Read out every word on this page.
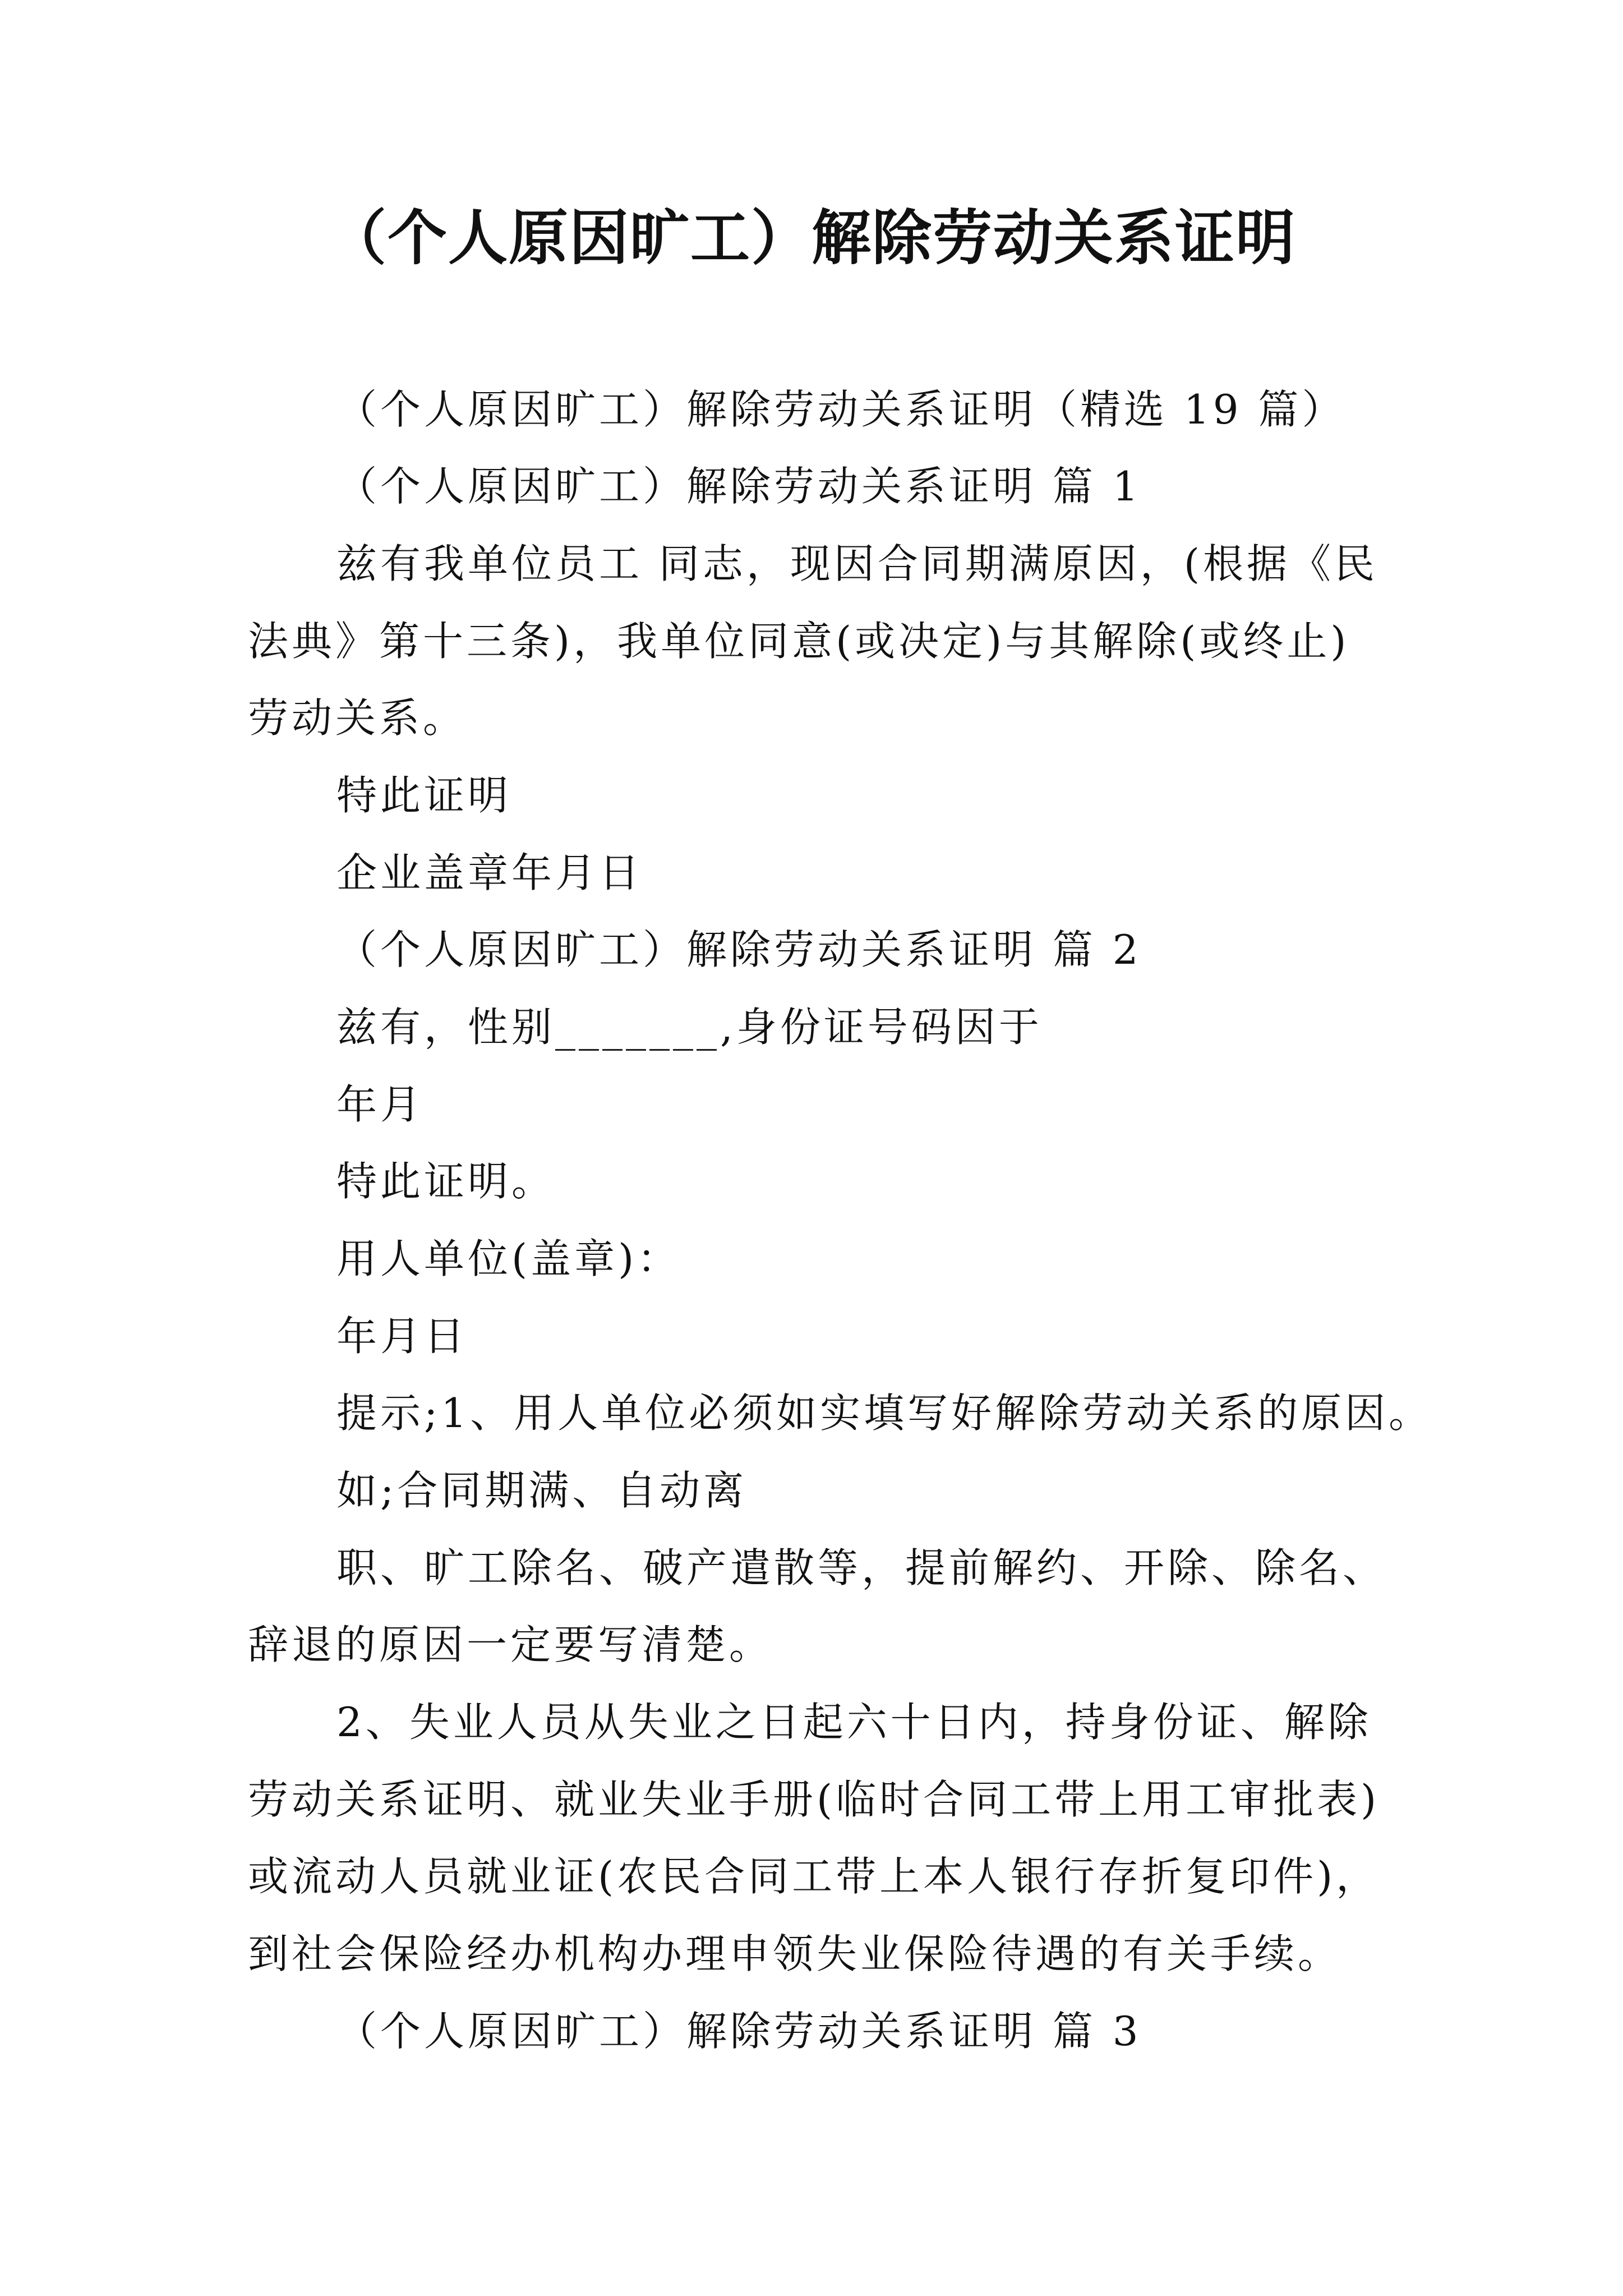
（个人原因旷工）解除劳动关系证明
（个人原因旷工）解除劳动关系证明（精选 19 篇）
（个人原因旷工）解除劳动关系证明 篇 1
兹有我单位员工 同志，现因合同期满原因，(根据《民
法典》第十三条)，我单位同意(或决定)与其解除(或终止)
劳动关系。
特此证明
企业盖章年月日
（个人原因旷工）解除劳动关系证明 篇 2
兹有，性别_______,身份证号码因于
年月
特此证明。
用人单位(盖章)：
年月日
提示;1、用人单位必须如实填写好解除劳动关系的原因。
如;合同期满、自动离
职、旷工除名、破产遣散等，提前解约、开除、除名、
辞退的原因一定要写清楚。
2、失业人员从失业之日起六十日内，持身份证、解除
劳动关系证明、就业失业手册(临时合同工带上用工审批表)
或流动人员就业证(农民合同工带上本人银行存折复印件)，
到社会保险经办机构办理申领失业保险待遇的有关手续。
（个人原因旷工）解除劳动关系证明 篇 3
